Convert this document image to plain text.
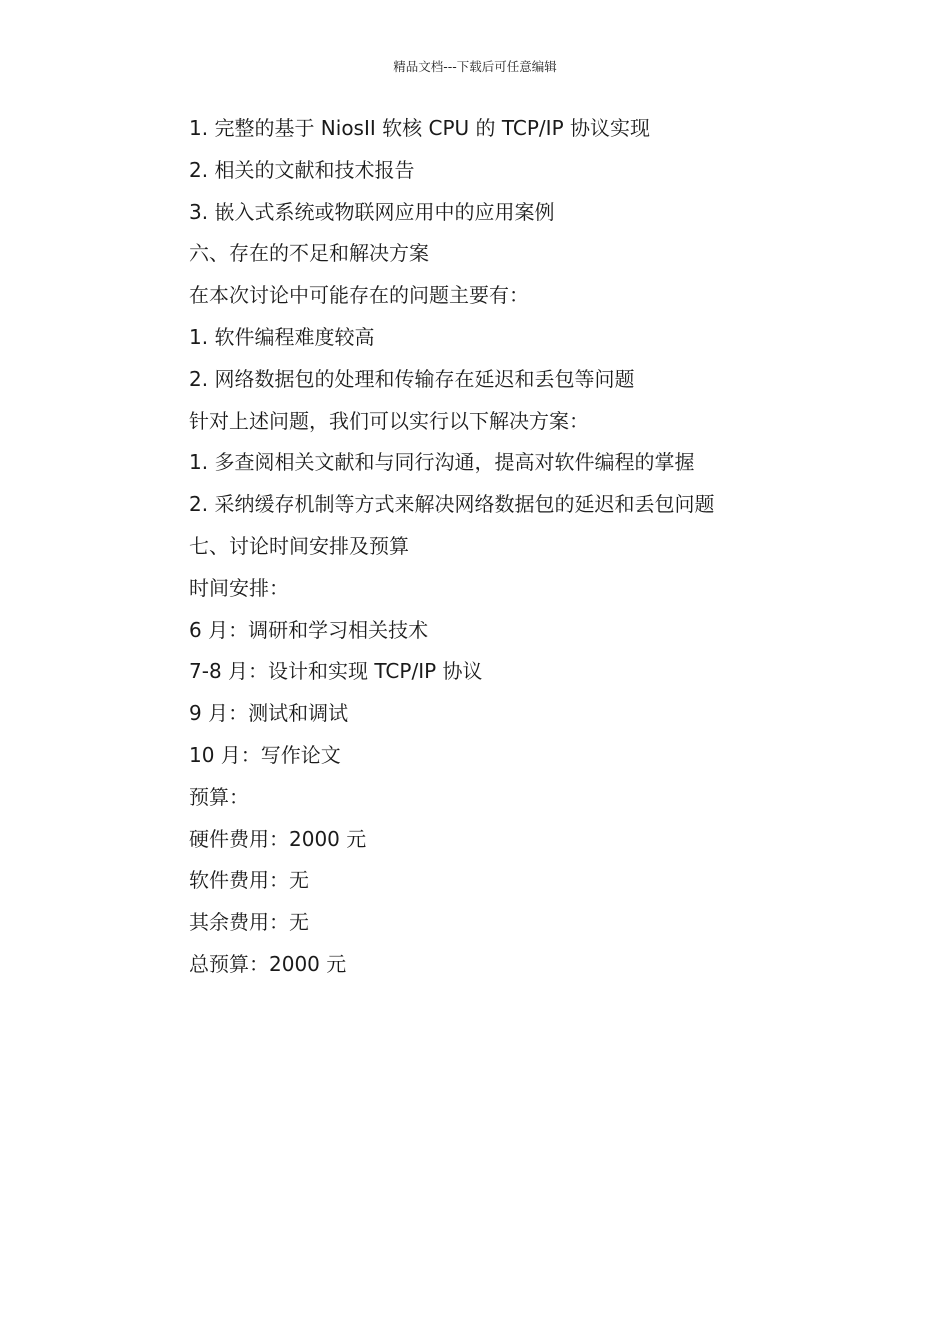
精品文档---下载后可任意编辑
1. 完整的基于 NiosII 软核 CPU 的 TCP/IP 协议实现
2. 相关的文献和技术报告
3. 嵌入式系统或物联网应用中的应用案例
六、存在的不足和解决方案
在本次讨论中可能存在的问题主要有：
1. 软件编程难度较高
2. 网络数据包的处理和传输存在延迟和丢包等问题
针对上述问题，我们可以实行以下解决方案：
1. 多查阅相关文献和与同行沟通，提高对软件编程的掌握
2. 采纳缓存机制等方式来解决网络数据包的延迟和丢包问题
七、讨论时间安排及预算
时间安排：
6 月：调研和学习相关技术
7-8 月：设计和实现 TCP/IP 协议
9 月：测试和调试
10 月：写作论文
预算：
硬件费用：2000 元
软件费用：无
其余费用：无
总预算：2000 元
